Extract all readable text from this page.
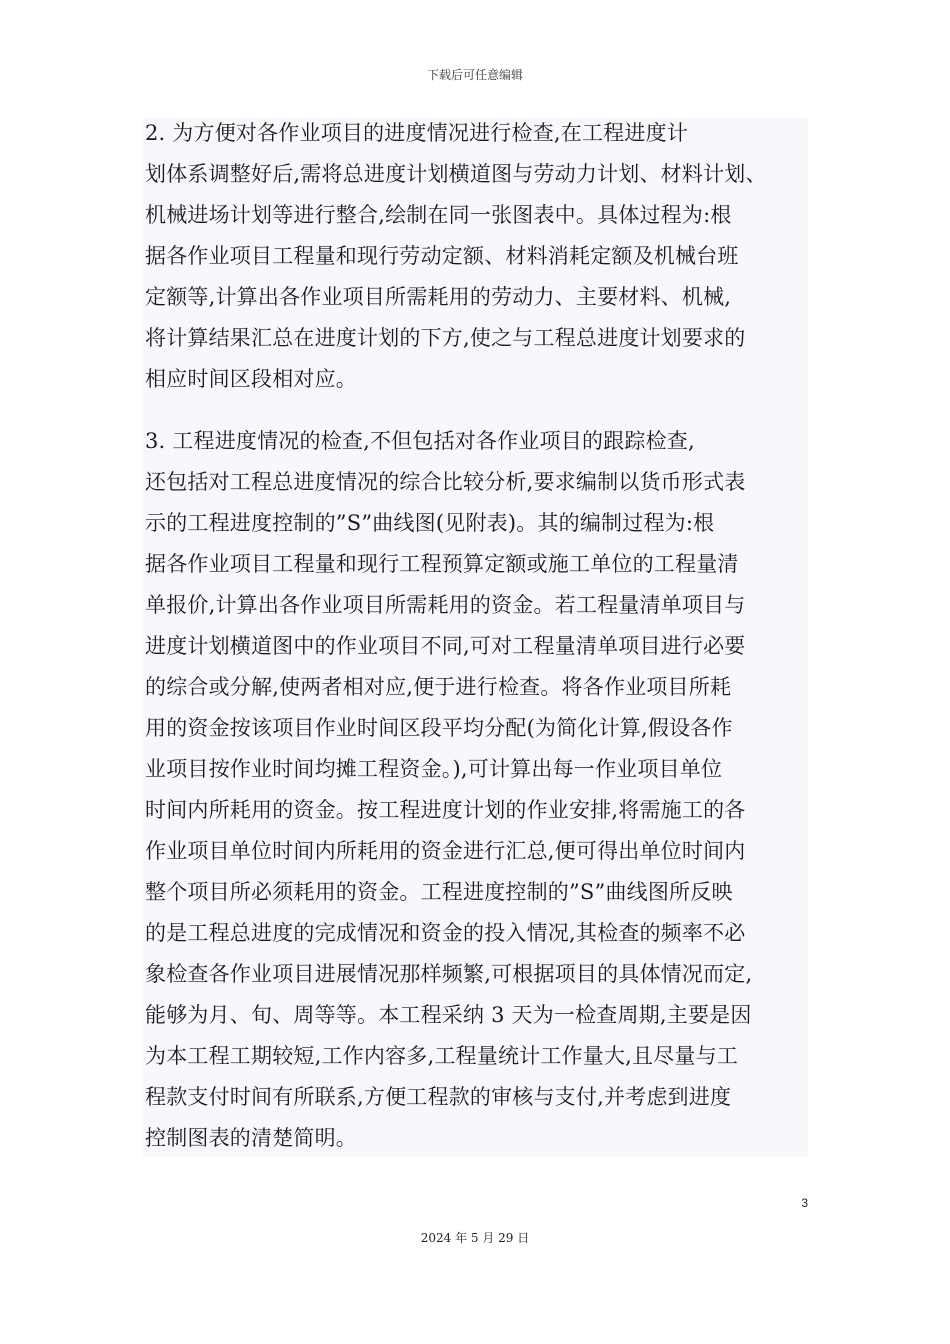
下载后可任意编辑
2. 为方便对各作业项目的进度情况进行检查,在工程进度计
划体系调整好后,需将总进度计划横道图与劳动力计划、材料计划、
机械进场计划等进行整合,绘制在同一张图表中。具体过程为:根
据各作业项目工程量和现行劳动定额、材料消耗定额及机械台班
定额等,计算出各作业项目所需耗用的劳动力、主要材料、机械,
将计算结果汇总在进度计划的下方,使之与工程总进度计划要求的
相应时间区段相对应。
3. 工程进度情况的检查,不但包括对各作业项目的跟踪检查,
还包括对工程总进度情况的综合比较分析,要求编制以货币形式表
示的工程进度控制的”S”曲线图(见附表)。其的编制过程为:根
据各作业项目工程量和现行工程预算定额或施工单位的工程量清
单报价,计算出各作业项目所需耗用的资金。若工程量清单项目与
进度计划横道图中的作业项目不同,可对工程量清单项目进行必要
的综合或分解,使两者相对应,便于进行检查。将各作业项目所耗
用的资金按该项目作业时间区段平均分配(为简化计算,假设各作
业项目按作业时间均摊工程资金。),可计算出每一作业项目单位
时间内所耗用的资金。按工程进度计划的作业安排,将需施工的各
作业项目单位时间内所耗用的资金进行汇总,便可得出单位时间内
整个项目所必须耗用的资金。工程进度控制的”S”曲线图所反映
的是工程总进度的完成情况和资金的投入情况,其检查的频率不必
象检查各作业项目进展情况那样频繁,可根据项目的具体情况而定,
能够为月、旬、周等等。本工程采纳 3 天为一检查周期,主要是因
为本工程工期较短,工作内容多,工程量统计工作量大,且尽量与工
程款支付时间有所联系,方便工程款的审核与支付,并考虑到进度
控制图表的清楚简明。
3
2024 年 5 月 29 日
